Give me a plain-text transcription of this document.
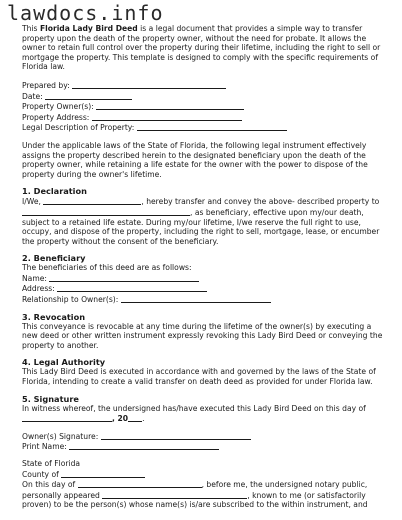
lawdocs.info

This Florida Lady Bird Deed is a legal document that provides a simple way to transfer property upon the death of the property owner, without the need for probate. It allows the owner to retain full control over the property during their lifetime, including the right to sell or mortgage the property. This template is designed to comply with the specific requirements of Florida law.

Prepared by:
Date:
Property Owner(s):
Property Address:
Legal Description of Property:

Under the applicable laws of the State of Florida, the following legal instrument effectively assigns the property described herein to the designated beneficiary upon the death of the property owner, while retaining a life estate for the owner with the power to dispose of the property during the owner's lifetime.

1. Declaration

I/We,	, hereby transfer and convey the above- described property to , as beneficiary, effective upon my/our death, subject to a retained life estate. During my/our lifetime, I/we reserve the full right to use, occupy, and dispose of the property, including the right to sell, mortgage, lease, or encumber the property without the consent of the beneficiary.

2. Beneficiary

The beneficiaries of this deed are as follows:

Name:
Address:
Relationship to Owner(s):
3. Revocation

This conveyance is revocable at any time during the lifetime of the owner(s) by executing a new deed or other written instrument expressly revoking this Lady Bird Deed or conveying the property to another.

4. Legal Authority

This Lady Bird Deed is executed in accordance with and governed by the laws of the State of Florida, intending to create a valid transfer on death deed as provided for under Florida law.

5. Signature

In witness whereof, the undersigned has/have executed this Lady Bird Deed on this day of , 20 .

Owner(s) Signature:
Print Name:

State of Florida

County of

On this day of	, before me, the undersigned notary public,

personally appeared	, known to me (or satisfactorily

proven) to be the person(s) whose name(s) is/are subscribed to the within instrument, and
